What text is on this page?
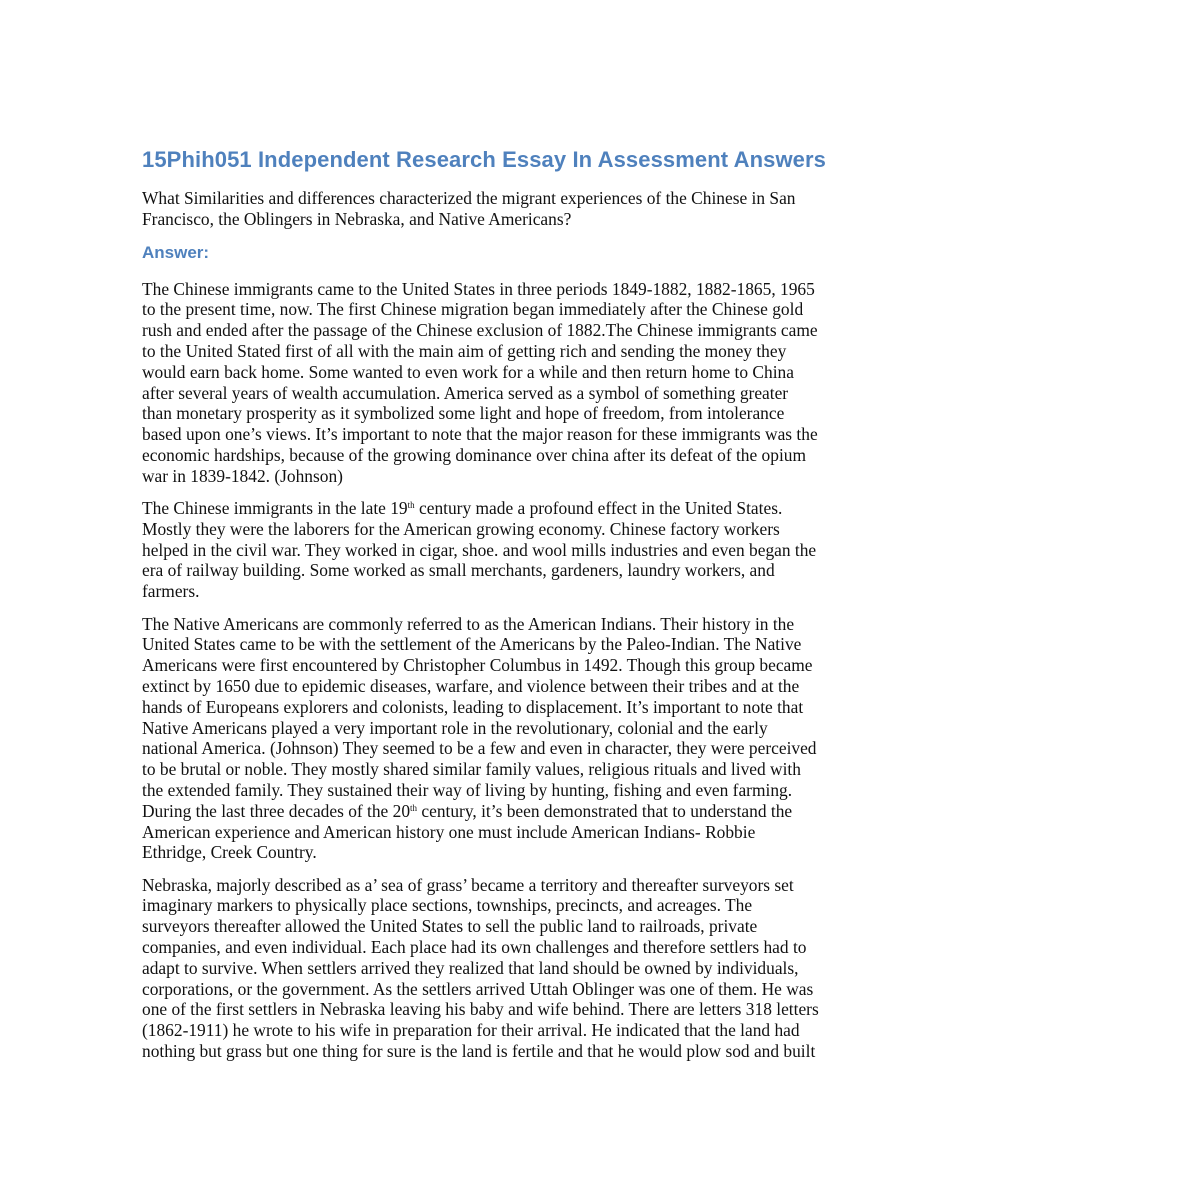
15Phih051 Independent Research Essay In Assessment Answers
What Similarities and differences characterized the migrant experiences of the Chinese in San
Francisco, the Oblingers in Nebraska, and Native Americans?
Answer:

The Chinese immigrants came to the United States in three periods 1849-1882, 1882-1865, 1965
to the present time, now. The first Chinese migration began immediately after the Chinese gold
rush and ended after the passage of the Chinese exclusion of 1882.The Chinese immigrants came
to the United Stated first of all with the main aim of getting rich and sending the money they
would earn back home. Some wanted to even work for a while and then return home to China
after several years of wealth accumulation. America served as a symbol of something greater
than monetary prosperity as it symbolized some light and hope of freedom, from intolerance
based upon one’s views. It’s important to note that the major reason for these immigrants was the
economic hardships, because of the growing dominance over china after its defeat of the opium
war in 1839-1842. (Johnson)

The Chinese immigrants in the late 19th century made a profound effect in the United States.
Mostly they were the laborers for the American growing economy. Chinese factory workers
helped in the civil war. They worked in cigar, shoe. and wool mills industries and even began the
era of railway building. Some worked as small merchants, gardeners, laundry workers, and
farmers.

The Native Americans are commonly referred to as the American Indians. Their history in the
United States came to be with the settlement of the Americans by the Paleo-Indian. The Native
Americans were first encountered by Christopher Columbus in 1492. Though this group became
extinct by 1650 due to epidemic diseases, warfare, and violence between their tribes and at the
hands of Europeans explorers and colonists, leading to displacement. It’s important to note that
Native Americans played a very important role in the revolutionary, colonial and the early
national America. (Johnson) They seemed to be a few and even in character, they were perceived
to be brutal or noble. They mostly shared similar family values, religious rituals and lived with
the extended family. They sustained their way of living by hunting, fishing and even farming.
During the last three decades of the 20th century, it’s been demonstrated that to understand the
American experience and American history one must include American Indians- Robbie
Ethridge, Creek Country.

Nebraska, majorly described as a’ sea of grass’ became a territory and thereafter surveyors set
imaginary markers to physically place sections, townships, precincts, and acreages. The
surveyors thereafter allowed the United States to sell the public land to railroads, private
companies, and even individual. Each place had its own challenges and therefore settlers had to
adapt to survive. When settlers arrived they realized that land should be owned by individuals,
corporations, or the government. As the settlers arrived Uttah Oblinger was one of them. He was
one of the first settlers in Nebraska leaving his baby and wife behind. There are letters 318 letters
(1862-1911) he wrote to his wife in preparation for their arrival. He indicated that the land had
nothing but grass but one thing for sure is the land is fertile and that he would plow sod and built
